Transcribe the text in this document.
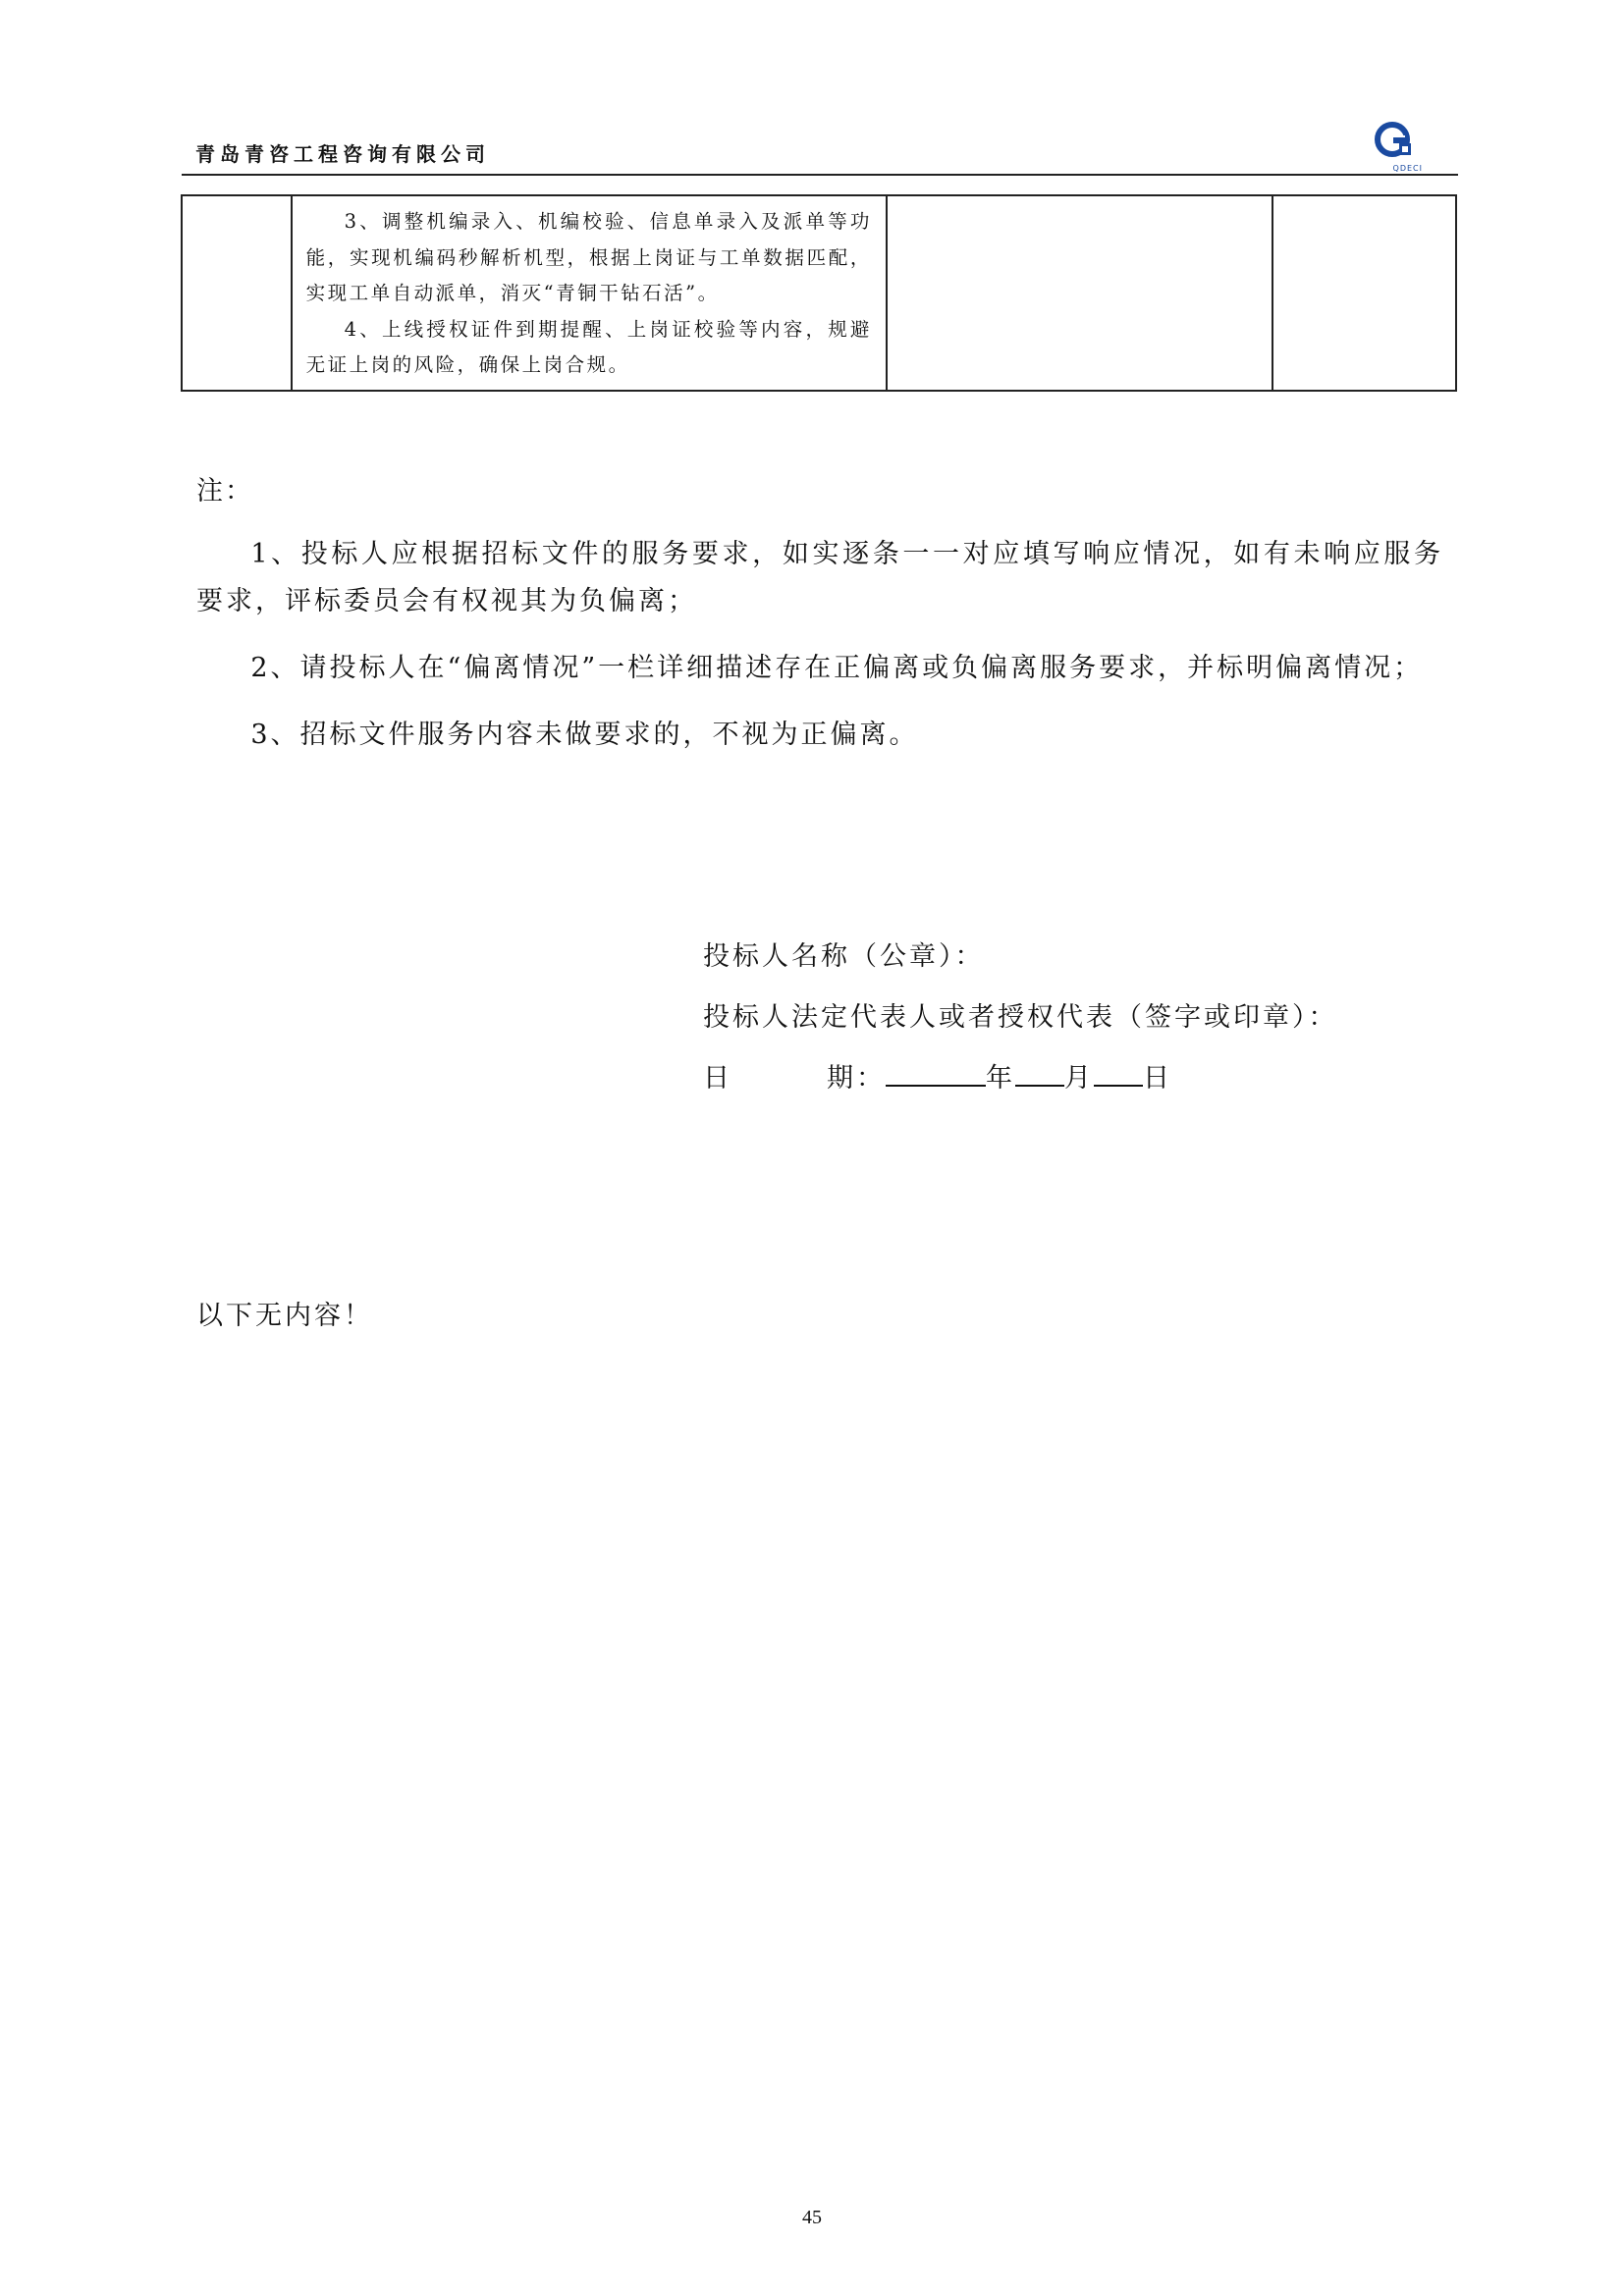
青岛青咨工程咨询有限公司
QDECI

3、调整机编录入、机编校验、信息单录入及派单等功能，实现机编码秒解析机型，根据上岗证与工单数据匹配，实现工单自动派单，消灭“青铜干钻石活”。

4、上线授权证件到期提醒、上岗证校验等内容，规避无证上岗的风险，确保上岗合规。

注：

1、投标人应根据招标文件的服务要求，如实逐条一一对应填写响应情况，如有未响应服务要求，评标委员会有权视其为负偏离；

2、请投标人在“偏离情况”一栏详细描述存在正偏离或负偏离服务要求，并标明偏离情况；

3、招标文件服务内容未做要求的，不视为正偏离。

投标人名称（公章）：
投标人法定代表人或者授权代表（签字或印章）：
日	期：	年 月 日
以下无内容！
45
